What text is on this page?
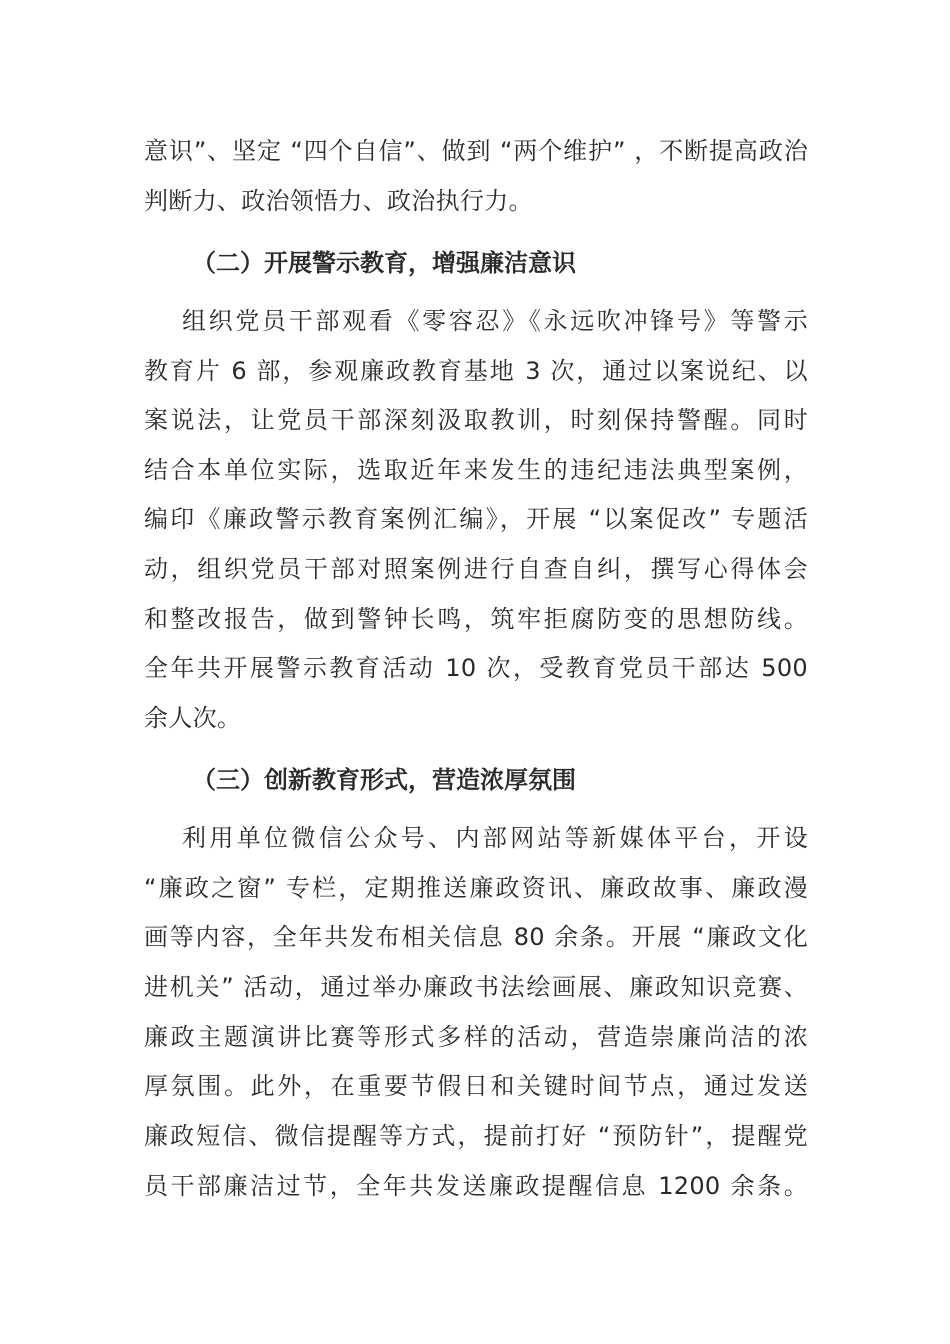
意识”、坚定 “四个自信”、做到 “两个维护” ，不断提高政治
判断力、政治领悟力、政治执行力。
（二）开展警示教育，增强廉洁意识
组织党员干部观看《零容忍》《永远吹冲锋号》等警示
教育片 6 部，参观廉政教育基地 3 次，通过以案说纪、以
案说法，让党员干部深刻汲取教训，时刻保持警醒。同时
结合本单位实际，选取近年来发生的违纪违法典型案例，
编印《廉政警示教育案例汇编》，开展 “以案促改” 专题活
动，组织党员干部对照案例进行自查自纠，撰写心得体会
和整改报告，做到警钟长鸣，筑牢拒腐防变的思想防线。
全年共开展警示教育活动 10 次，受教育党员干部达 500
余人次。
（三）创新教育形式，营造浓厚氛围
利用单位微信公众号、内部网站等新媒体平台，开设
“廉政之窗” 专栏，定期推送廉政资讯、廉政故事、廉政漫
画等内容，全年共发布相关信息 80 余条。开展 “廉政文化
进机关” 活动，通过举办廉政书法绘画展、廉政知识竞赛、
廉政主题演讲比赛等形式多样的活动，营造崇廉尚洁的浓
厚氛围。此外，在重要节假日和关键时间节点，通过发送
廉政短信、微信提醒等方式，提前打好 “预防针”，提醒党
员干部廉洁过节，全年共发送廉政提醒信息 1200 余条。
